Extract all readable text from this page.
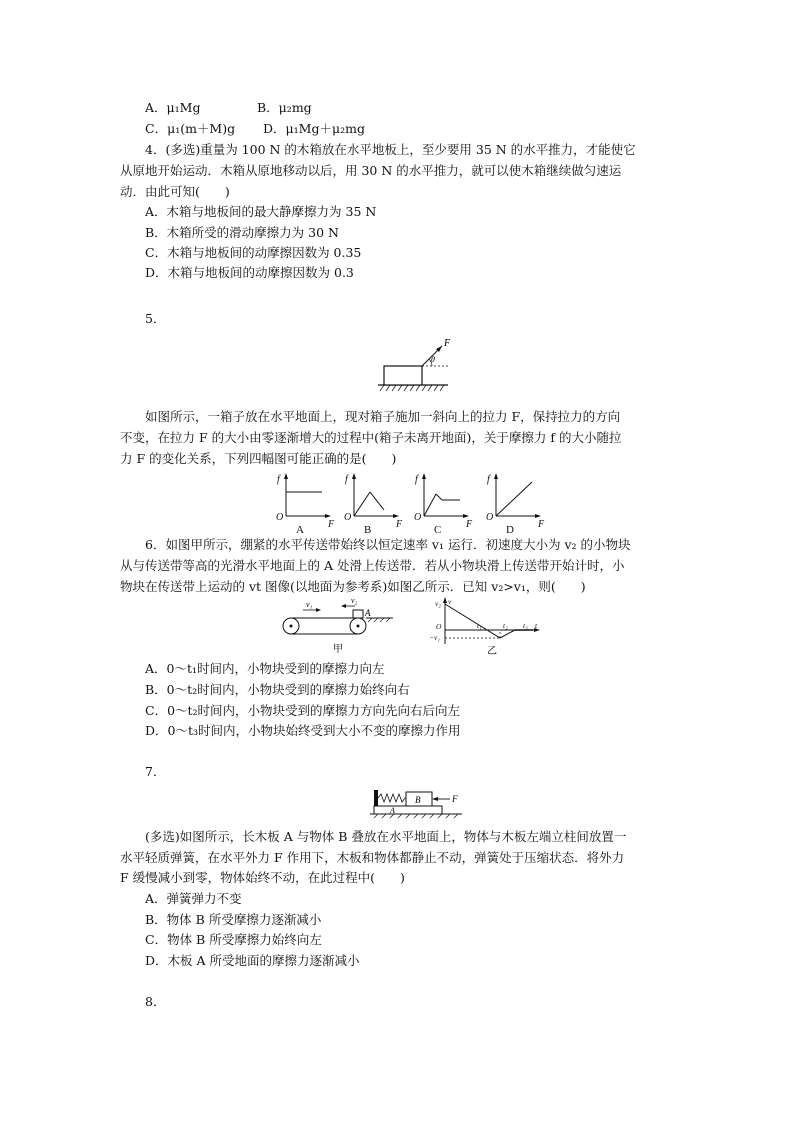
A．μ₁Mg	B．μ₂mg
C．μ₁(m＋M)g D．μ₁Mg＋μ₂mg
4．(多选)重量为 100 N 的木箱放在水平地板上，至少要用 35 N 的水平推力，才能使它
从原地开始运动．木箱从原地移动以后，用 30 N 的水平推力，就可以使木箱继续做匀速运
动．由此可知(　　)
A．木箱与地板间的最大静摩擦力为 35 N
B．木箱所受的滑动摩擦力为 30 N
C．木箱与地板间的动摩擦因数为 0.35
D．木箱与地板间的动摩擦因数为 0.3
5．
F
θ
如图所示，一箱子放在水平地面上，现对箱子施加一斜向上的拉力 F，保持拉力的方向
不变，在拉力 F 的大小由零逐渐增大的过程中(箱子未离开地面)，关于摩擦力 f 的大小随拉
力 F 的变化关系，下列四幅图可能正确的是(　　)
f	f	f	f
F	F	F	F
O	O	O	O
A	B	C	D
6．如图甲所示，绷紧的水平传送带始终以恒定速率 v₁ 运行．初速度大小为 v₂ 的小物块
从与传送带等高的光滑水平地面上的 A 处滑上传送带．若从小物块滑上传送带开始计时，小
物块在传送带上运动的 vt 图像(以地面为参考系)如图乙所示．已知 v₂>v₁，则(　　)
v₁	v₂
A
甲
v₂ v
O
−v₁
t₁	t₂ t₃ t
乙
A．0～t₁时间内，小物块受到的摩擦力向左
B．0～t₂时间内，小物块受到的摩擦力始终向右
C．0～t₂时间内，小物块受到的摩擦力方向先向右后向左
D．0～t₃时间内，小物块始终受到大小不变的摩擦力作用
7．
A
B	F
(多选)如图所示，长木板 A 与物体 B 叠放在水平地面上，物体与木板左端立柱间放置一
水平轻质弹簧，在水平外力 F 作用下，木板和物体都静止不动，弹簧处于压缩状态．将外力
F 缓慢减小到零，物体始终不动，在此过程中(　　)
A．弹簧弹力不变
B．物体 B 所受摩擦力逐渐减小
C．物体 B 所受摩擦力始终向左
D．木板 A 所受地面的摩擦力逐渐减小
8．
